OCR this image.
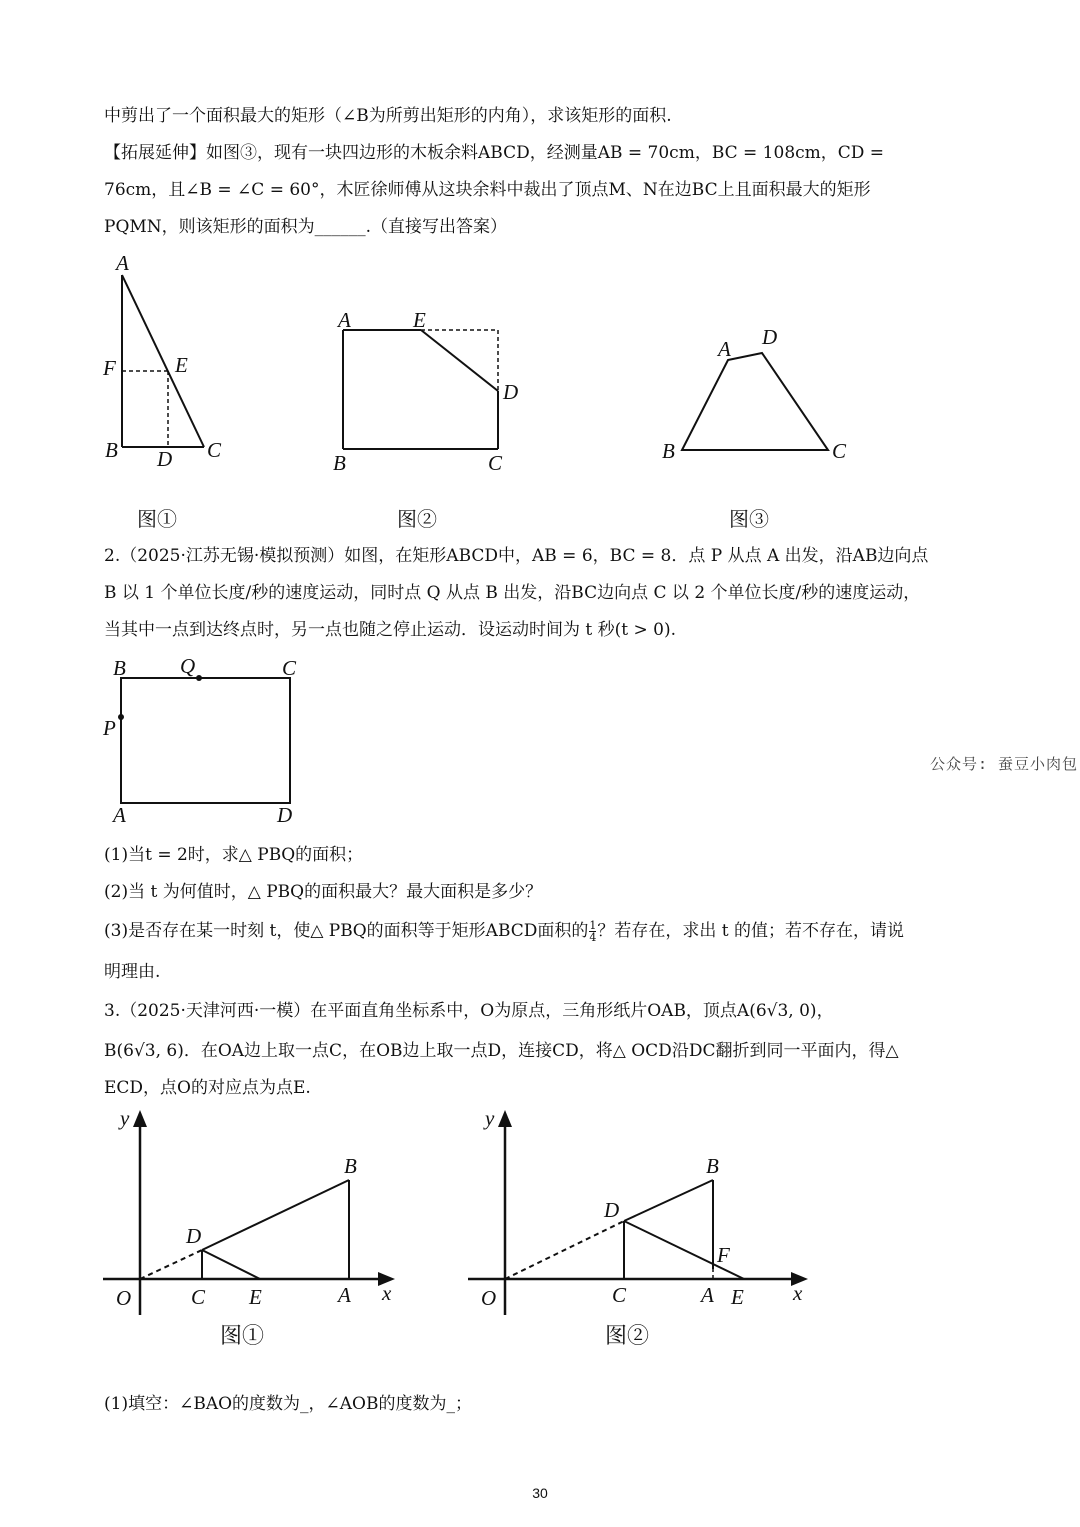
中剪出了一个面积最大的矩形（∠B为所剪出矩形的内角），求该矩形的面积.
【拓展延伸】如图③，现有一块四边形的木板余料ABCD，经测量AB = 70cm，BC = 108cm，CD =
76cm，且∠B = ∠C = 60°，木匠徐师傅从这块余料中裁出了顶点M、N在边BC上且面积最大的矩形
PQMN，则该矩形的面积为______.（直接写出答案）
A
F	E
B D C
图①
A	E
D
B	C
图②
A D
B	C
图③
2.（2025·江苏无锡·模拟预测）如图，在矩形ABCD中，AB = 6，BC = 8．点 P 从点 A 出发，沿AB边向点
B 以 1 个单位长度/秒的速度运动，同时点 Q 从点 B 出发，沿BC边向点 C 以 2 个单位长度/秒的速度运动，
当其中一点到达终点时，另一点也随之停止运动．设运动时间为 t 秒(t > 0).
B	Q	C
P
A	D
公众号: 蚕豆小肉包
(1)当t = 2时，求△ PBQ的面积；
(2)当 t 为何值时，△ PBQ的面积最大？最大面积是多少？
(3)是否存在某一时刻 t，使△ PBQ的面积等于矩形ABCD面积的 $\frac{1}{4}$ ？若存在，求出 t 的值；若不存在，请说
明理由.
3.（2025·天津河西·一模）在平面直角坐标系中，O为原点，三角形纸片OAB，顶点A(6√3, 0)，
B(6√3, 6)．在OA边上取一点C，在OB边上取一点D，连接CD，将△ OCD沿DC翻折到同一平面内，得△
ECD，点O的对应点为点E.
y
x
O
B
D
C E	A
图①
y
x
O
B
D
F
C	A E
图②
(1)填空：∠BAO的度数为_，∠AOB的度数为_；
30
